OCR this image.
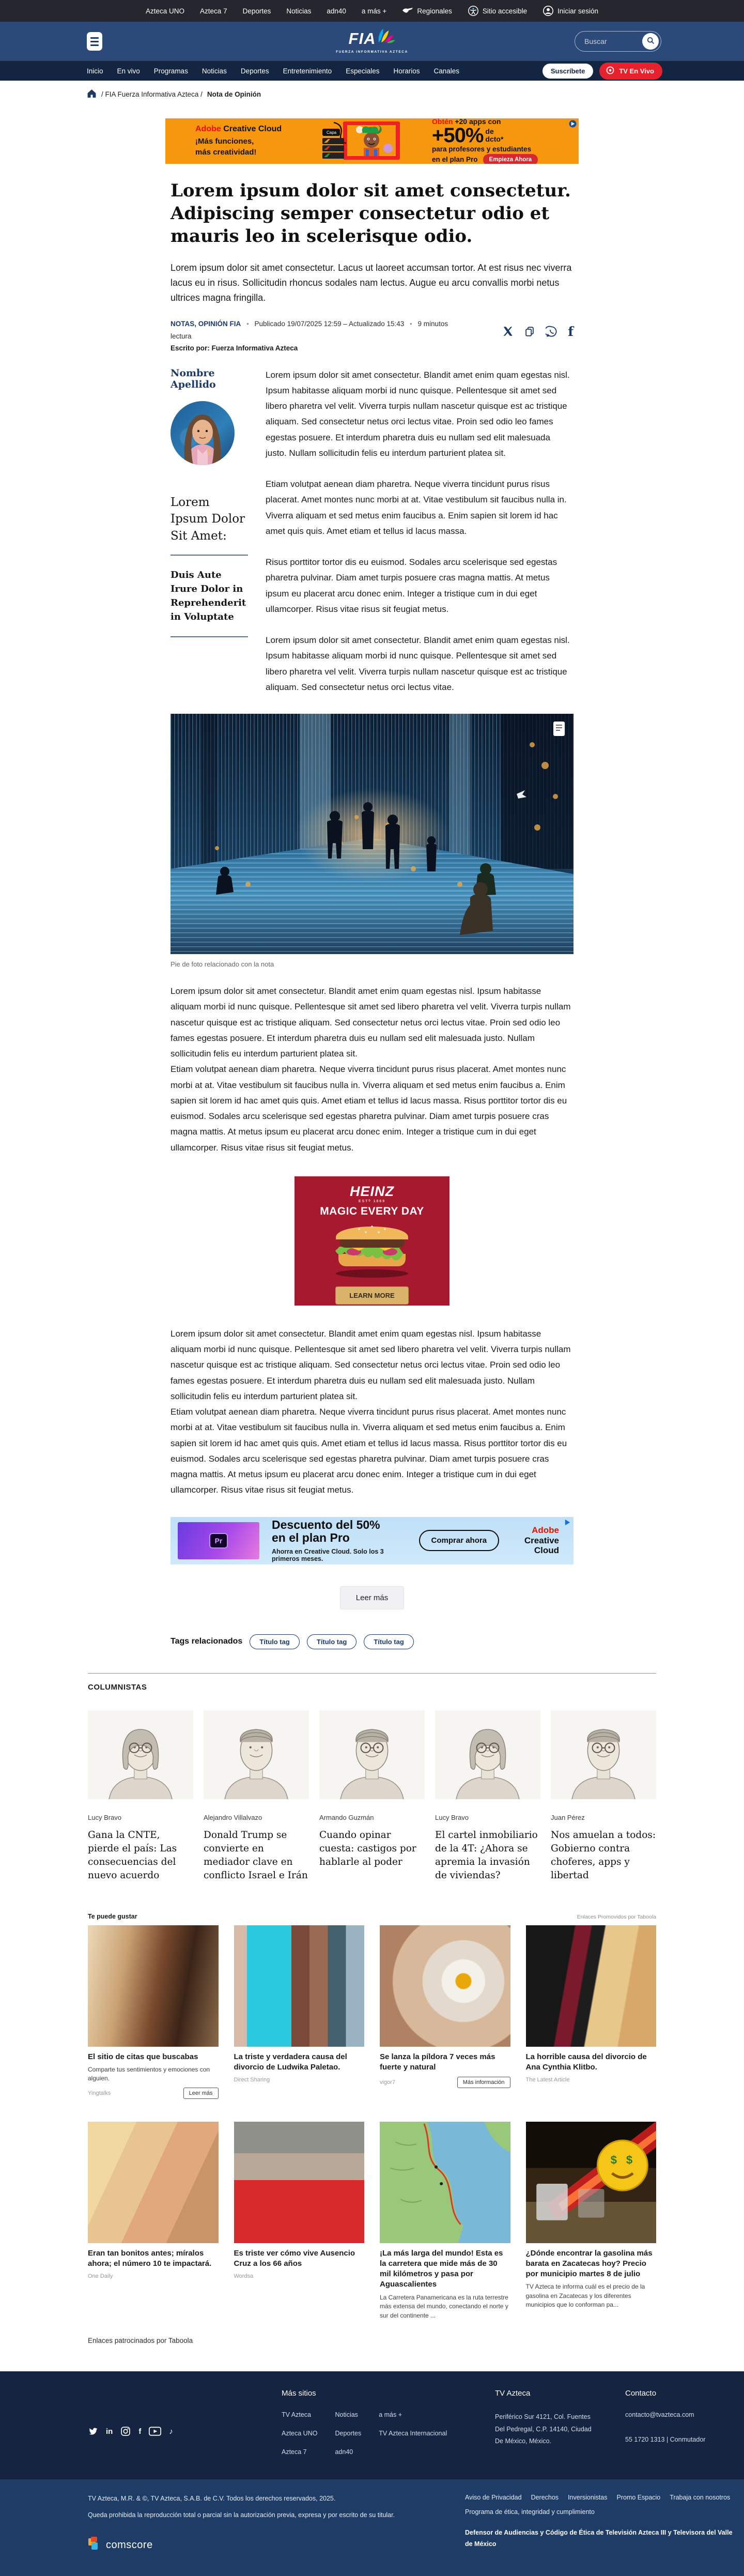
Azteca UNO Azteca 7 Deportes Noticias adn40 a más +	Regionales	Sitio accesible	Iniciar sesión
FIA
FUERZA INFORMATIVA AZTECA
Buscar
Inicio En vivo Programas Noticias Deportes Entretenimiento Especiales Horarios Canales	Suscríbete	TV En Vivo
/ FIA Fuerza Informativa Azteca / Nota de Opinión
Adobe Creative Cloud
¡Más funciones,
más creatividad!
Capa
Obtén +20 apps con
+50% de
dcto*
para profesores y estudiantes
en el plan Pro	Empieza Ahora
Lorem ipsum dolor sit amet consectetur. Adipiscing semper consectetur odio et mauris leo in scelerisque odio.

Lorem ipsum dolor sit amet consectetur. Lacus ut laoreet accumsan tortor. At est risus nec viverra lacus eu in risus. Sollicitudin rhoncus sodales nam lectus. Augue eu arcu convallis morbi netus ultrices magna fringilla.

NOTAS, OPINIÓN FIA • Publicado 19/07/2025 12:59 – Actualizado 15:43 • 9 minutos lectura	f
Escrito por: Fuerza Informativa Azteca
Nombre Apellido

Lorem Ipsum Dolor Sit Amet:

Duis Aute Irure Dolor in Reprehenderit in Voluptate

Lorem ipsum dolor sit amet consectetur. Blandit amet enim quam egestas nisl. Ipsum habitasse aliquam morbi id nunc quisque. Pellentesque sit amet sed libero pharetra vel velit. Viverra turpis nullam nascetur quisque est ac tristique aliquam. Sed consectetur netus orci lectus vitae. Proin sed odio leo fames egestas posuere. Et interdum pharetra duis eu nullam sed elit malesuada justo. Nullam sollicitudin felis eu interdum parturient platea sit.

Etiam volutpat aenean diam pharetra. Neque viverra tincidunt purus risus placerat. Amet montes nunc morbi at at. Vitae vestibulum sit faucibus nulla in. Viverra aliquam et sed metus enim faucibus a. Enim sapien sit lorem id hac amet quis quis. Amet etiam et tellus id lacus massa.

Risus porttitor tortor dis eu euismod. Sodales arcu scelerisque sed egestas pharetra pulvinar. Diam amet turpis posuere cras magna mattis. At metus ipsum eu placerat arcu donec enim. Integer a tristique cum in dui eget ullamcorper. Risus vitae risus sit feugiat metus.

Lorem ipsum dolor sit amet consectetur. Blandit amet enim quam egestas nisl. Ipsum habitasse aliquam morbi id nunc quisque. Pellentesque sit amet sed libero pharetra vel velit. Viverra turpis nullam nascetur quisque est ac tristique aliquam. Sed consectetur netus orci lectus vitae.

Pie de foto relacionado con la nota

Lorem ipsum dolor sit amet consectetur. Blandit amet enim quam egestas nisl. Ipsum habitasse aliquam morbi id nunc quisque. Pellentesque sit amet sed libero pharetra vel velit. Viverra turpis nullam nascetur quisque est ac tristique aliquam. Sed consectetur netus orci lectus vitae. Proin sed odio leo fames egestas posuere. Et interdum pharetra duis eu nullam sed elit malesuada justo. Nullam sollicitudin felis eu interdum parturient platea sit.

Etiam volutpat aenean diam pharetra. Neque viverra tincidunt purus risus placerat. Amet montes nunc morbi at at. Vitae vestibulum sit faucibus nulla in. Viverra aliquam et sed metus enim faucibus a. Enim sapien sit lorem id hac amet quis quis. Amet etiam et tellus id lacus massa. Risus porttitor tortor dis eu euismod. Sodales arcu scelerisque sed egestas pharetra pulvinar. Diam amet turpis posuere cras magna mattis. At metus ipsum eu placerat arcu donec enim. Integer a tristique cum in dui eget ullamcorper. Risus vitae risus sit feugiat metus.

HEINZ
ESTᴰ 1869
MAGIC EVERY DAY
LEARN MORE

Lorem ipsum dolor sit amet consectetur. Blandit amet enim quam egestas nisl. Ipsum habitasse aliquam morbi id nunc quisque. Pellentesque sit amet sed libero pharetra vel velit. Viverra turpis nullam nascetur quisque est ac tristique aliquam. Sed consectetur netus orci lectus vitae. Proin sed odio leo fames egestas posuere. Et interdum pharetra duis eu nullam sed elit malesuada justo. Nullam sollicitudin felis eu interdum parturient platea sit.

Etiam volutpat aenean diam pharetra. Neque viverra tincidunt purus risus placerat. Amet montes nunc morbi at at. Vitae vestibulum sit faucibus nulla in. Viverra aliquam et sed metus enim faucibus a. Enim sapien sit lorem id hac amet quis quis. Amet etiam et tellus id lacus massa. Risus porttitor tortor dis eu euismod. Sodales arcu scelerisque sed egestas pharetra pulvinar. Diam amet turpis posuere cras magna mattis. At metus ipsum eu placerat arcu donec enim. Integer a tristique cum in dui eget ullamcorper. Risus vitae risus sit feugiat metus.

Pr
Descuento del 50%
en el plan Pro
Ahorra en Creative Cloud. Solo los 3 primeros meses.
Comprar ahora
Adobe
Creative Cloud
Leer más
Tags relacionados	Título tag	Título tag	Título tag
COLUMNISTAS
Lucy Bravo
Gana la CNTE, pierde el país: Las consecuencias del nuevo acuerdo
Alejandro Villalvazo
Donald Trump se convierte en mediador clave en conflicto Israel e Irán
Armando Guzmán
Cuando opinar cuesta: castigos por hablarle al poder
Lucy Bravo
El cartel inmobiliario de la 4T: ¿Ahora se apremia la invasión de viviendas?
Juan Pérez
Nos amuelan a todos: Gobierno contra choferes, apps y libertad
Te puede gustar	Enlaces Promovidos por Taboola
El sitio de citas que buscabas
Comparte tus sentimientos y emociones con alguien.
Yingtalks	Leer más
La triste y verdadera causa del divorcio de Ludwika Paletao.
Direct Sharing
Se lanza la píldora 7 veces más fuerte y natural
vigor7	Más información
La horrible causa del divorcio de Ana Cynthia Klitbo.
The Latest Article
Eran tan bonitos antes; míralos ahora; el número 10 te impactará.
One Daily
Es triste ver cómo vive Ausencio Cruz a los 66 años
Wordsa
¡La más larga del mundo! Esta es la carretera que mide más de 30 mil kilómetros y pasa por Aguascalientes
La Carretera Panamericana es la ruta terrestre más extensa del mundo, conectando el norte y sur del continente ...
$ $
¿Dónde encontrar la gasolina más barata en Zacatecas hoy? Precio por municipio martes 8 de julio
TV Azteca te informa cuál es el precio de la gasolina en Zacatecas y los diferentes municipios que lo conforman pa...
Enlaces patrocinados por Taboola
in	f	♪
Más sitios
TV Azteca
Azteca UNO
Azteca 7
Noticias
Deportes
adn40
a más +
TV Azteca Internacional
TV Azteca
Periférico Sur 4121, Col. Fuentes
Del Pedregal, C.P. 14140, Ciudad
De México, México.
Contacto
contacto@tvazteca.com
55 1720 1313 | Conmutador
TV Azteca, M.R. & ©, TV Azteca, S.A.B. de C.V. Todos los derechos reservados, 2025.
Queda prohibida la reproducción total o parcial sin la autorización previa, expresa y por escrito de su titular.
comscore
Aviso de Privacidad Derechos Inversionistas Promo Espacio Trabaja con nosotros
Programa de ética, integridad y cumplimiento
Defensor de Audiencias y Código de Ética de Televisión Azteca III y Televisora del Valle de México
